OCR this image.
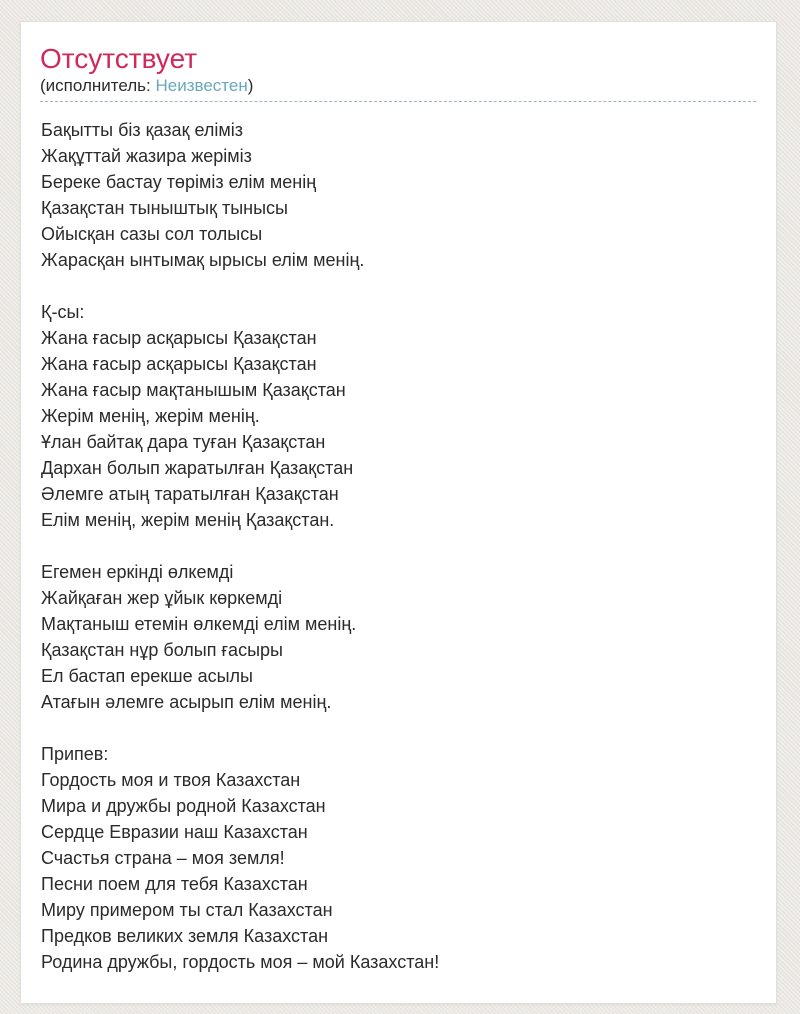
Отсутствует
(исполнитель: Неизвестен)

Бақытты біз қазақ еліміз
Жақұттай жазира жеріміз
Береке бастау төріміз елім менің
Қазақстан тыныштық тынысы
Ойысқан сазы сол толысы
Жарасқан ынтымақ ырысы елім менің.

Қ-сы:
Жана ғасыр асқарысы Қазақстан
Жана ғасыр асқарысы Қазақстан
Жана ғасыр мақтанышым Қазақстан
Жерім менің, жерім менің.
Ұлан байтақ дара туған Қазақстан
Дархан болып жаратылған Қазақстан
Әлемге атың таратылған Қазақстан
Елім менің, жерім менің Қазақстан.

Егемен еркінді өлкемді
Жайқаған жер ұйык көркемді
Мақтаныш етемін өлкемді елім менің.
Қазақстан нұр болып ғасыры
Ел бастап ерекше асылы
Атағын әлемге асырып елім менің.

Припев:
Гордость моя и твоя Казахстан
Мира и дружбы родной Казахстан
Сердце Евразии наш Казахстан
Счастья страна – моя земля!
Песни поем для тебя Казахстан
Миру примером ты стал Казахстан
Предков великих земля Казахстан
Родина дружбы, гордость моя – мой Казахстан!
